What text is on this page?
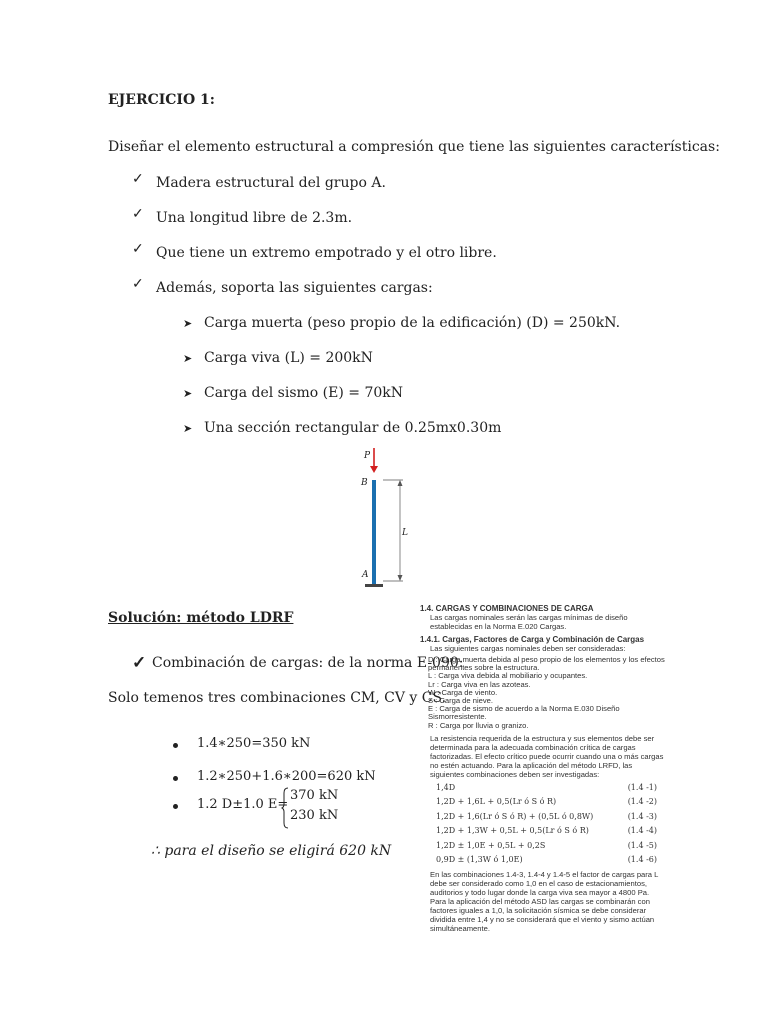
EJERCICIO 1:
Diseñar el elemento estructural a compresión que tiene las siguientes características:
✓ Madera estructural del grupo A.
✓ Una longitud libre de 2.3m.
✓ Que tiene un extremo empotrado y el otro libre.
✓ Además, soporta las siguientes cargas:
➤ Carga muerta (peso propio de la edificación) (D) = 250kN.
➤ Carga viva (L) = 200kN
➤ Carga del sismo (E) = 70kN
➤ Una sección rectangular de 0.25mx0.30m
P
B
A
L
Solución: método LDRF
✓ Combinación de cargas: de la norma E-090:
Solo temenos tres combinaciones CM, CV y CS.
1.4∗250=350 kN
1.2∗250+1.6∗200=620 kN
1.2 D±1.0 E=
370 kN
230 kN
∴ para el diseño se eligirá 620 kN

1.4. CARGAS Y COMBINACIONES DE CARGA

Las cargas nominales serán las cargas mínimas de diseño establecidas en la Norma E.020 Cargas.

1.4.1. Cargas, Factores de Carga y Combinación de Cargas

Las siguientes cargas nominales deben ser consideradas:

D : Carga muerta debida al peso propio de los elementos y los efectos permanentes sobre la estructura.
L : Carga viva debida al mobiliario y ocupantes.
Lr : Carga viva en las azoteas.
W : Carga de viento.
S : Carga de nieve.
E : Carga de sismo de acuerdo a la Norma E.030 Diseño Sismorresistente.
R : Carga por lluvia o granizo.

La resistencia requerida de la estructura y sus elementos debe ser determinada para la adecuada combinación crítica de cargas factorizadas. El efecto crítico puede ocurrir cuando una o más cargas no estén actuando. Para la aplicación del método LRFD, las siguientes combinaciones deben ser investigadas:

1,4D	(1.4 -1)
1,2D + 1,6L + 0,5(Lr ó S ó R)	(1.4 -2)
1,2D + 1,6(Lr ó S ó R) + (0,5L ó 0,8W)	(1.4 -3)
1,2D + 1,3W + 0,5L + 0,5(Lr ó S ó R)	(1.4 -4)
1,2D ± 1,0E + 0,5L + 0,2S	(1.4 -5)
0,9D ± (1,3W ó 1,0E)	(1.4 -6)

En las combinaciones 1.4-3, 1.4-4 y 1.4-5 el factor de cargas para L debe ser considerado como 1,0 en el caso de estacionamientos, auditorios y todo lugar donde la carga viva sea mayor a 4800 Pa.

Para la aplicación del método ASD las cargas se combinarán con factores iguales a 1,0, la solicitación sísmica se debe considerar dividida entre 1,4 y no se considerará que el viento y sismo actúan simultáneamente.
